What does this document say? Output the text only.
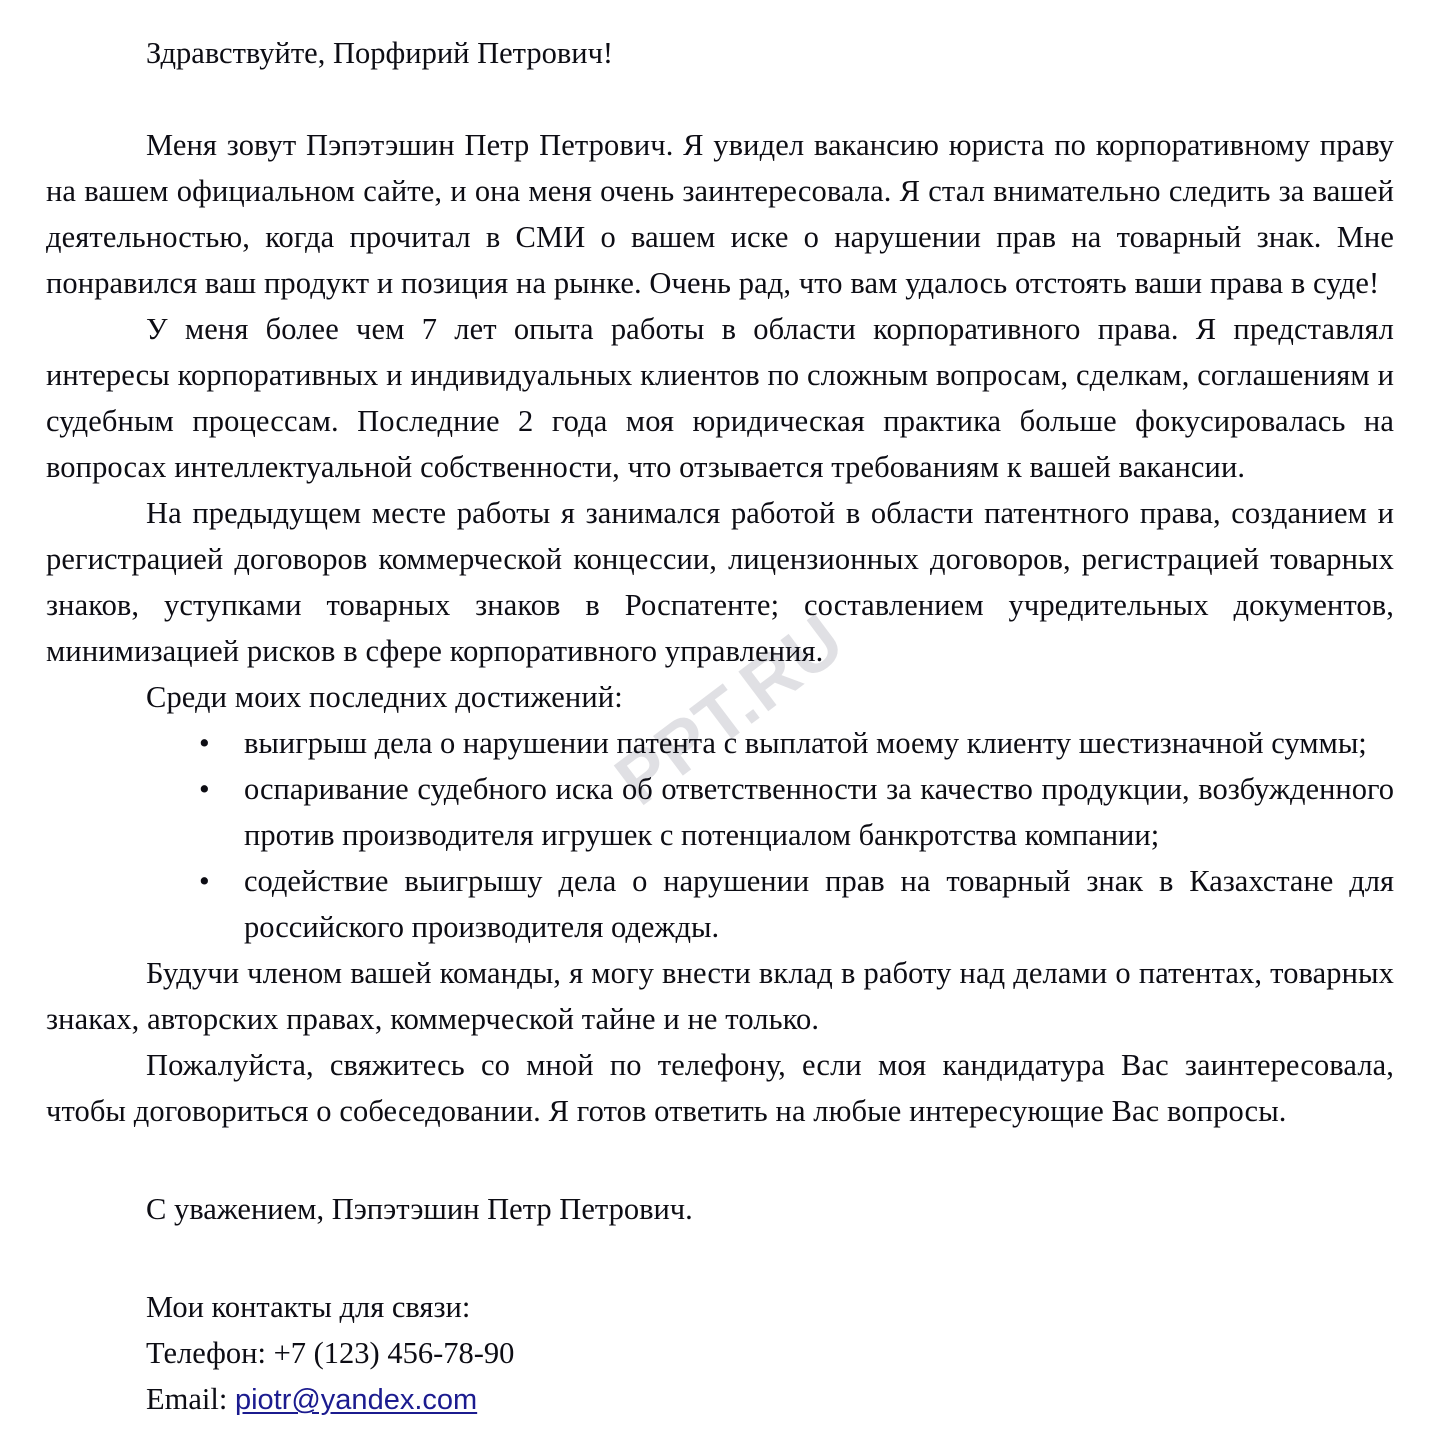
PPT.RU

Здравствуйте, Порфирий Петрович!

Меня зовут Пэпэтэшин Петр Петрович. Я увидел вакансию юриста по корпоративному праву на вашем официальном сайте, и она меня очень заинтересовала. Я стал внимательно следить за вашей деятельностью, когда прочитал в СМИ о вашем иске о нарушении прав на товарный знак. Мне понравился ваш продукт и позиция на рынке. Очень рад, что вам удалось отстоять ваши права в суде!

У меня более чем 7 лет опыта работы в области корпоративного права. Я представлял интересы корпоративных и индивидуальных клиентов по сложным вопросам, сделкам, соглашениям и судебным процессам. Последние 2 года моя юридическая практика больше фокусировалась на вопросах интеллектуальной собственности, что отзывается требованиям к вашей вакансии.

На предыдущем месте работы я занимался работой в области патентного права, созданием и регистрацией договоров коммерческой концессии, лицензионных договоров, регистрацией товарных знаков, уступками товарных знаков в Роспатенте; составлением учредительных документов, минимизацией рисков в сфере корпоративного управления.

Среди моих последних достижений:

• выигрыш дела о нарушении патента с выплатой моему клиенту шестизначной суммы;
• оспаривание судебного иска об ответственности за качество продукции, возбужденного против производителя игрушек с потенциалом банкротства компании;
• содействие выигрышу дела о нарушении прав на товарный знак в Казахстане для российского производителя одежды.

Будучи членом вашей команды, я могу внести вклад в работу над делами о патентах, товарных знаках, авторских правах, коммерческой тайне и не только.

Пожалуйста, свяжитесь со мной по телефону, если моя кандидатура Вас заинтересовала, чтобы договориться о собеседовании. Я готов ответить на любые интересующие Вас вопросы.

С уважением, Пэпэтэшин Петр Петрович.

Мои контакты для связи:

Телефон: +7 (123) 456-78-90

Email: piotr@yandex.com
